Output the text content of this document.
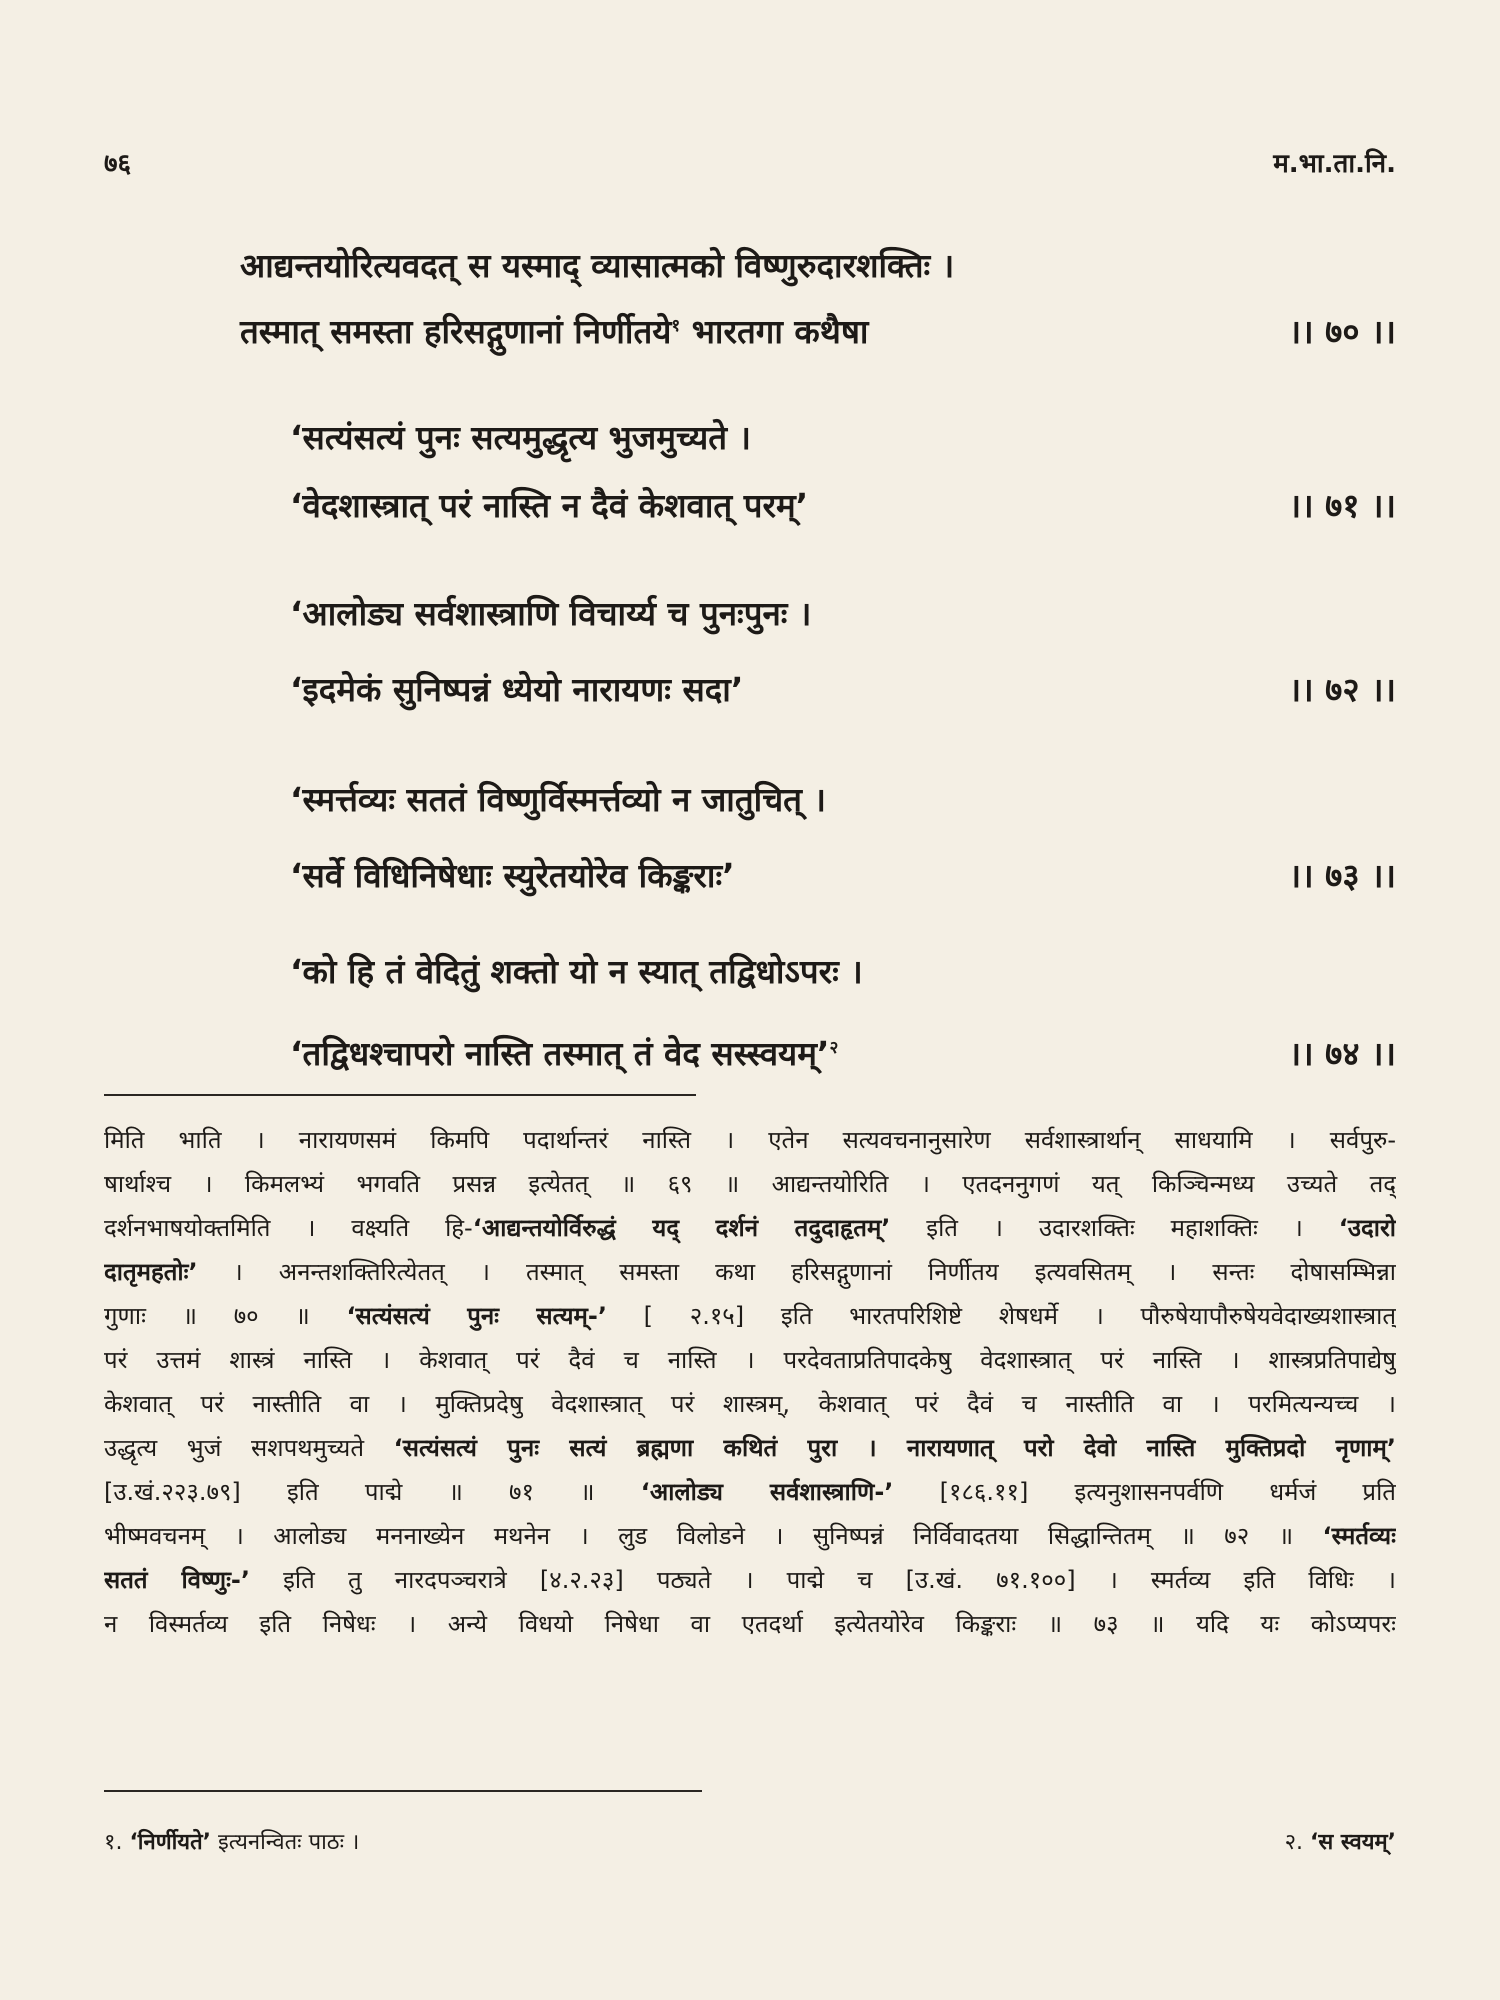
७६	म.भा.ता.नि.
आद्यन्तयोरित्यवदत् स यस्माद् व्यासात्मको विष्णुरुदारशक्तिः ।
तस्मात् समस्ता हरिसद्गुणानां निर्णीतये$^१$ भारतगा कथैषा	।। ७० ।।
‘सत्यंसत्यं पुनः सत्यमुद्धृत्य भुजमुच्यते ।
‘वेदशास्त्रात् परं नास्ति न दैवं केशवात् परम्’	।। ७१ ।।
‘आलोड्य सर्वशास्त्राणि विचार्य्य च पुनःपुनः ।
‘इदमेकं सुनिष्पन्नं ध्येयो नारायणः सदा’	।। ७२ ।।
‘स्मर्त्तव्यः सततं विष्णुर्विस्मर्त्तव्यो न जातुचित् ।
‘सर्वे विधिनिषेधाः स्युरेतयोरेव किङ्कराः’	।। ७३ ।।
‘को हि तं वेदितुं शक्तो यो न स्यात् तद्विधोऽपरः ।
‘तद्विधश्चापरो नास्ति तस्मात् तं वेद सस्स्वयम्’$^२$	।। ७४ ।।
मिति भाति । नारायणसमं किमपि पदार्थान्तरं नास्ति । एतेन सत्यवचनानुसारेण सर्वशास्त्रार्थान् साधयामि । सर्वपुरु-
षार्थाश्च । किमलभ्यं भगवति प्रसन्न इत्येतत् ॥ ६९ ॥ आद्यन्तयोरिति । एतदननुगणं यत् किञ्चिन्मध्य उच्यते तद्
दर्शनभाषयोक्तमिति । वक्ष्यति हि-‘आद्यन्तयोर्विरुद्धं यद् दर्शनं तदुदाहृतम्’ इति । उदारशक्तिः महाशक्तिः । ‘उदारो
दातृमहतोः’ । अनन्तशक्तिरित्येतत् । तस्मात् समस्ता कथा हरिसद्गुणानां निर्णीतय इत्यवसितम् । सन्तः दोषासम्भिन्ना
गुणाः ॥ ७० ॥ ‘सत्यंसत्यं पुनः सत्यम्-’ [ २.१५] इति भारतपरिशिष्टे शेषधर्मे । पौरुषेयापौरुषेयवेदाख्यशास्त्रात्
परं उत्तमं शास्त्रं नास्ति । केशवात् परं दैवं च नास्ति । परदेवताप्रतिपादकेषु वेदशास्त्रात् परं नास्ति । शास्त्रप्रतिपाद्येषु
केशवात् परं नास्तीति वा । मुक्तिप्रदेषु वेदशास्त्रात् परं शास्त्रम्, केशवात् परं दैवं च नास्तीति वा । परमित्यन्यच्च ।
उद्धृत्य भुजं सशपथमुच्यते ‘सत्यंसत्यं पुनः सत्यं ब्रह्मणा कथितं पुरा । नारायणात् परो देवो नास्ति मुक्तिप्रदो नृणाम्’
[उ.खं.२२३.७९] इति पाद्मे ॥ ७१ ॥ ‘आलोड्य सर्वशास्त्राणि-’ [१८६.११] इत्यनुशासनपर्वणि धर्मजं प्रति
भीष्मवचनम् । आलोड्य मननाख्येन मथनेन । लुड विलोडने । सुनिष्पन्नं निर्विवादतया सिद्धान्तितम् ॥ ७२ ॥ ‘स्मर्तव्यः
सततं विष्णुः-’ इति तु नारदपञ्चरात्रे [४.२.२३] पठ्यते । पाद्मे च [उ.खं. ७१.१००] । स्मर्तव्य इति विधिः ।
न विस्मर्तव्य इति निषेधः । अन्ये विधयो निषेधा वा एतदर्था इत्येतयोरेव किङ्कराः ॥ ७३ ॥ यदि यः कोऽप्यपरः
१. ‘निर्णीयते’ इत्यनन्वितः पाठः ।	२. ‘स स्वयम्’
